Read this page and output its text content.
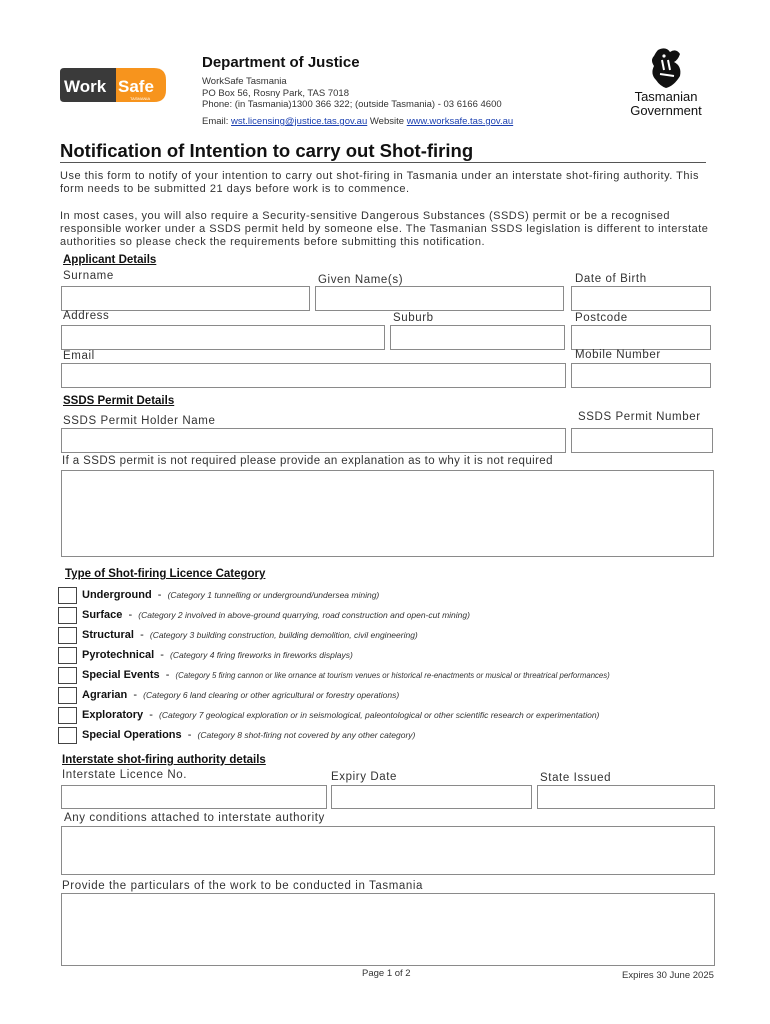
Work Safe
TASMANIA
Department of Justice
WorkSafe Tasmania
PO Box 56, Rosny Park, TAS 7018
Phone: (in Tasmania)1300 366 322; (outside Tasmania) - 03 6166 4600
Email: wst.licensing@justice.tas.gov.au Website www.worksafe.tas.gov.au
Tasmanian
Government
Notification of Intention to carry out Shot-firing
Use this form to notify of your intention to carry out shot-firing in Tasmania under an interstate shot-firing authority. This form needs to be submitted 21 days before work is to commence.
In most cases, you will also require a Security-sensitive Dangerous Substances (SSDS) permit or be a recognised responsible worker under a SSDS permit held by someone else. The Tasmanian SSDS legislation is different to interstate authorities so please check the requirements before submitting this notification.
Applicant Details
Surname	Given Name(s)	Date of Birth
Address	Suburb	Postcode
Email	Mobile Number
SSDS Permit Details
SSDS Permit Holder Name	SSDS Permit Number
If a SSDS permit is not required please provide an explanation as to why it is not required
Type of Shot-firing Licence Category
Underground  -  (Category 1 tunnelling or underground/undersea mining)
Surface  -  (Category 2 involved in above-ground quarrying, road construction and open-cut mining)
Structural  -  (Category 3 building construction, building demolition, civil engineering)
Pyrotechnical  -  (Category 4 firing fireworks in fireworks displays)
Special Events  -  (Category 5 firing cannon or like ornance at tourism venues or historical re-enactments or musical or threatrical performances)
Agrarian  -  (Category 6 land clearing or other agricultural or forestry operations)
Exploratory  -  (Category 7 geological exploration or in seismological, paleontological or other scientific research or experimentation)
Special Operations  -  (Category 8 shot-firing not covered by any other category)
Interstate shot-firing authority details
Interstate Licence No.	Expiry Date	State Issued
Any conditions attached to interstate authority
Provide the particulars of the work to be conducted in Tasmania
Page 1 of 2	Expires 30 June 2025
